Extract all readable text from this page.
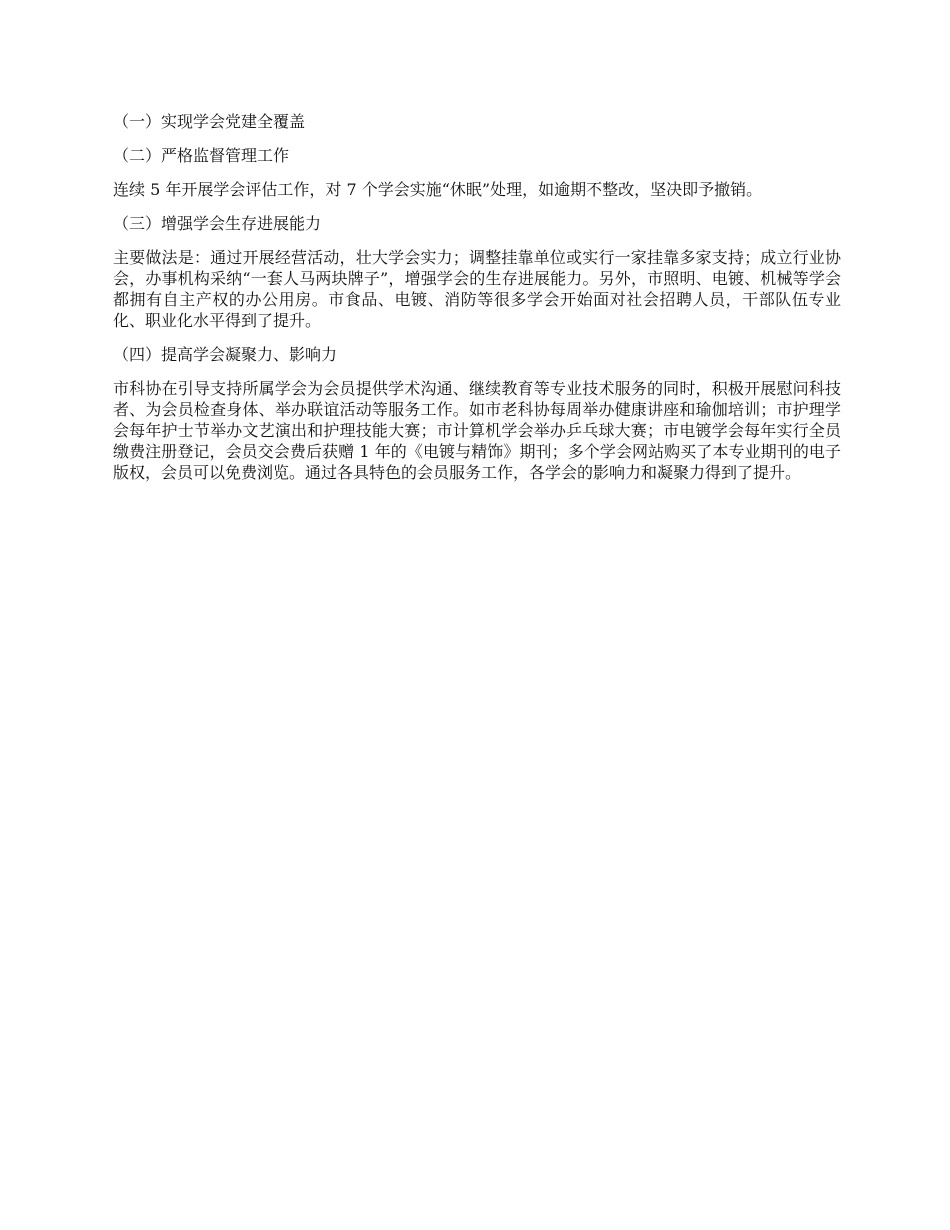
（一）实现学会党建全覆盖

（二）严格监督管理工作

连续 5 年开展学会评估工作，对 7 个学会实施“休眠”处理，如逾期不整改，坚决即予撤销。

（三）增强学会生存进展能力

主要做法是：通过开展经营活动，壮大学会实力；调整挂靠单位或实行一家挂靠多家支持；成立行业协会，办事机构采纳“一套人马两块牌子”，增强学会的生存进展能力。另外，市照明、电镀、机械等学会都拥有自主产权的办公用房。市食品、电镀、消防等很多学会开始面对社会招聘人员，干部队伍专业化、职业化水平得到了提升。

（四）提高学会凝聚力、影响力

市科协在引导支持所属学会为会员提供学术沟通、继续教育等专业技术服务的同时，积极开展慰问科技者、为会员检查身体、举办联谊活动等服务工作。如市老科协每周举办健康讲座和瑜伽培训；市护理学会每年护士节举办文艺演出和护理技能大赛；市计算机学会举办乒乓球大赛；市电镀学会每年实行全员缴费注册登记，会员交会费后获赠 1 年的《电镀与精饰》期刊；多个学会网站购买了本专业期刊的电子版权，会员可以免费浏览。通过各具特色的会员服务工作，各学会的影响力和凝聚力得到了提升。
